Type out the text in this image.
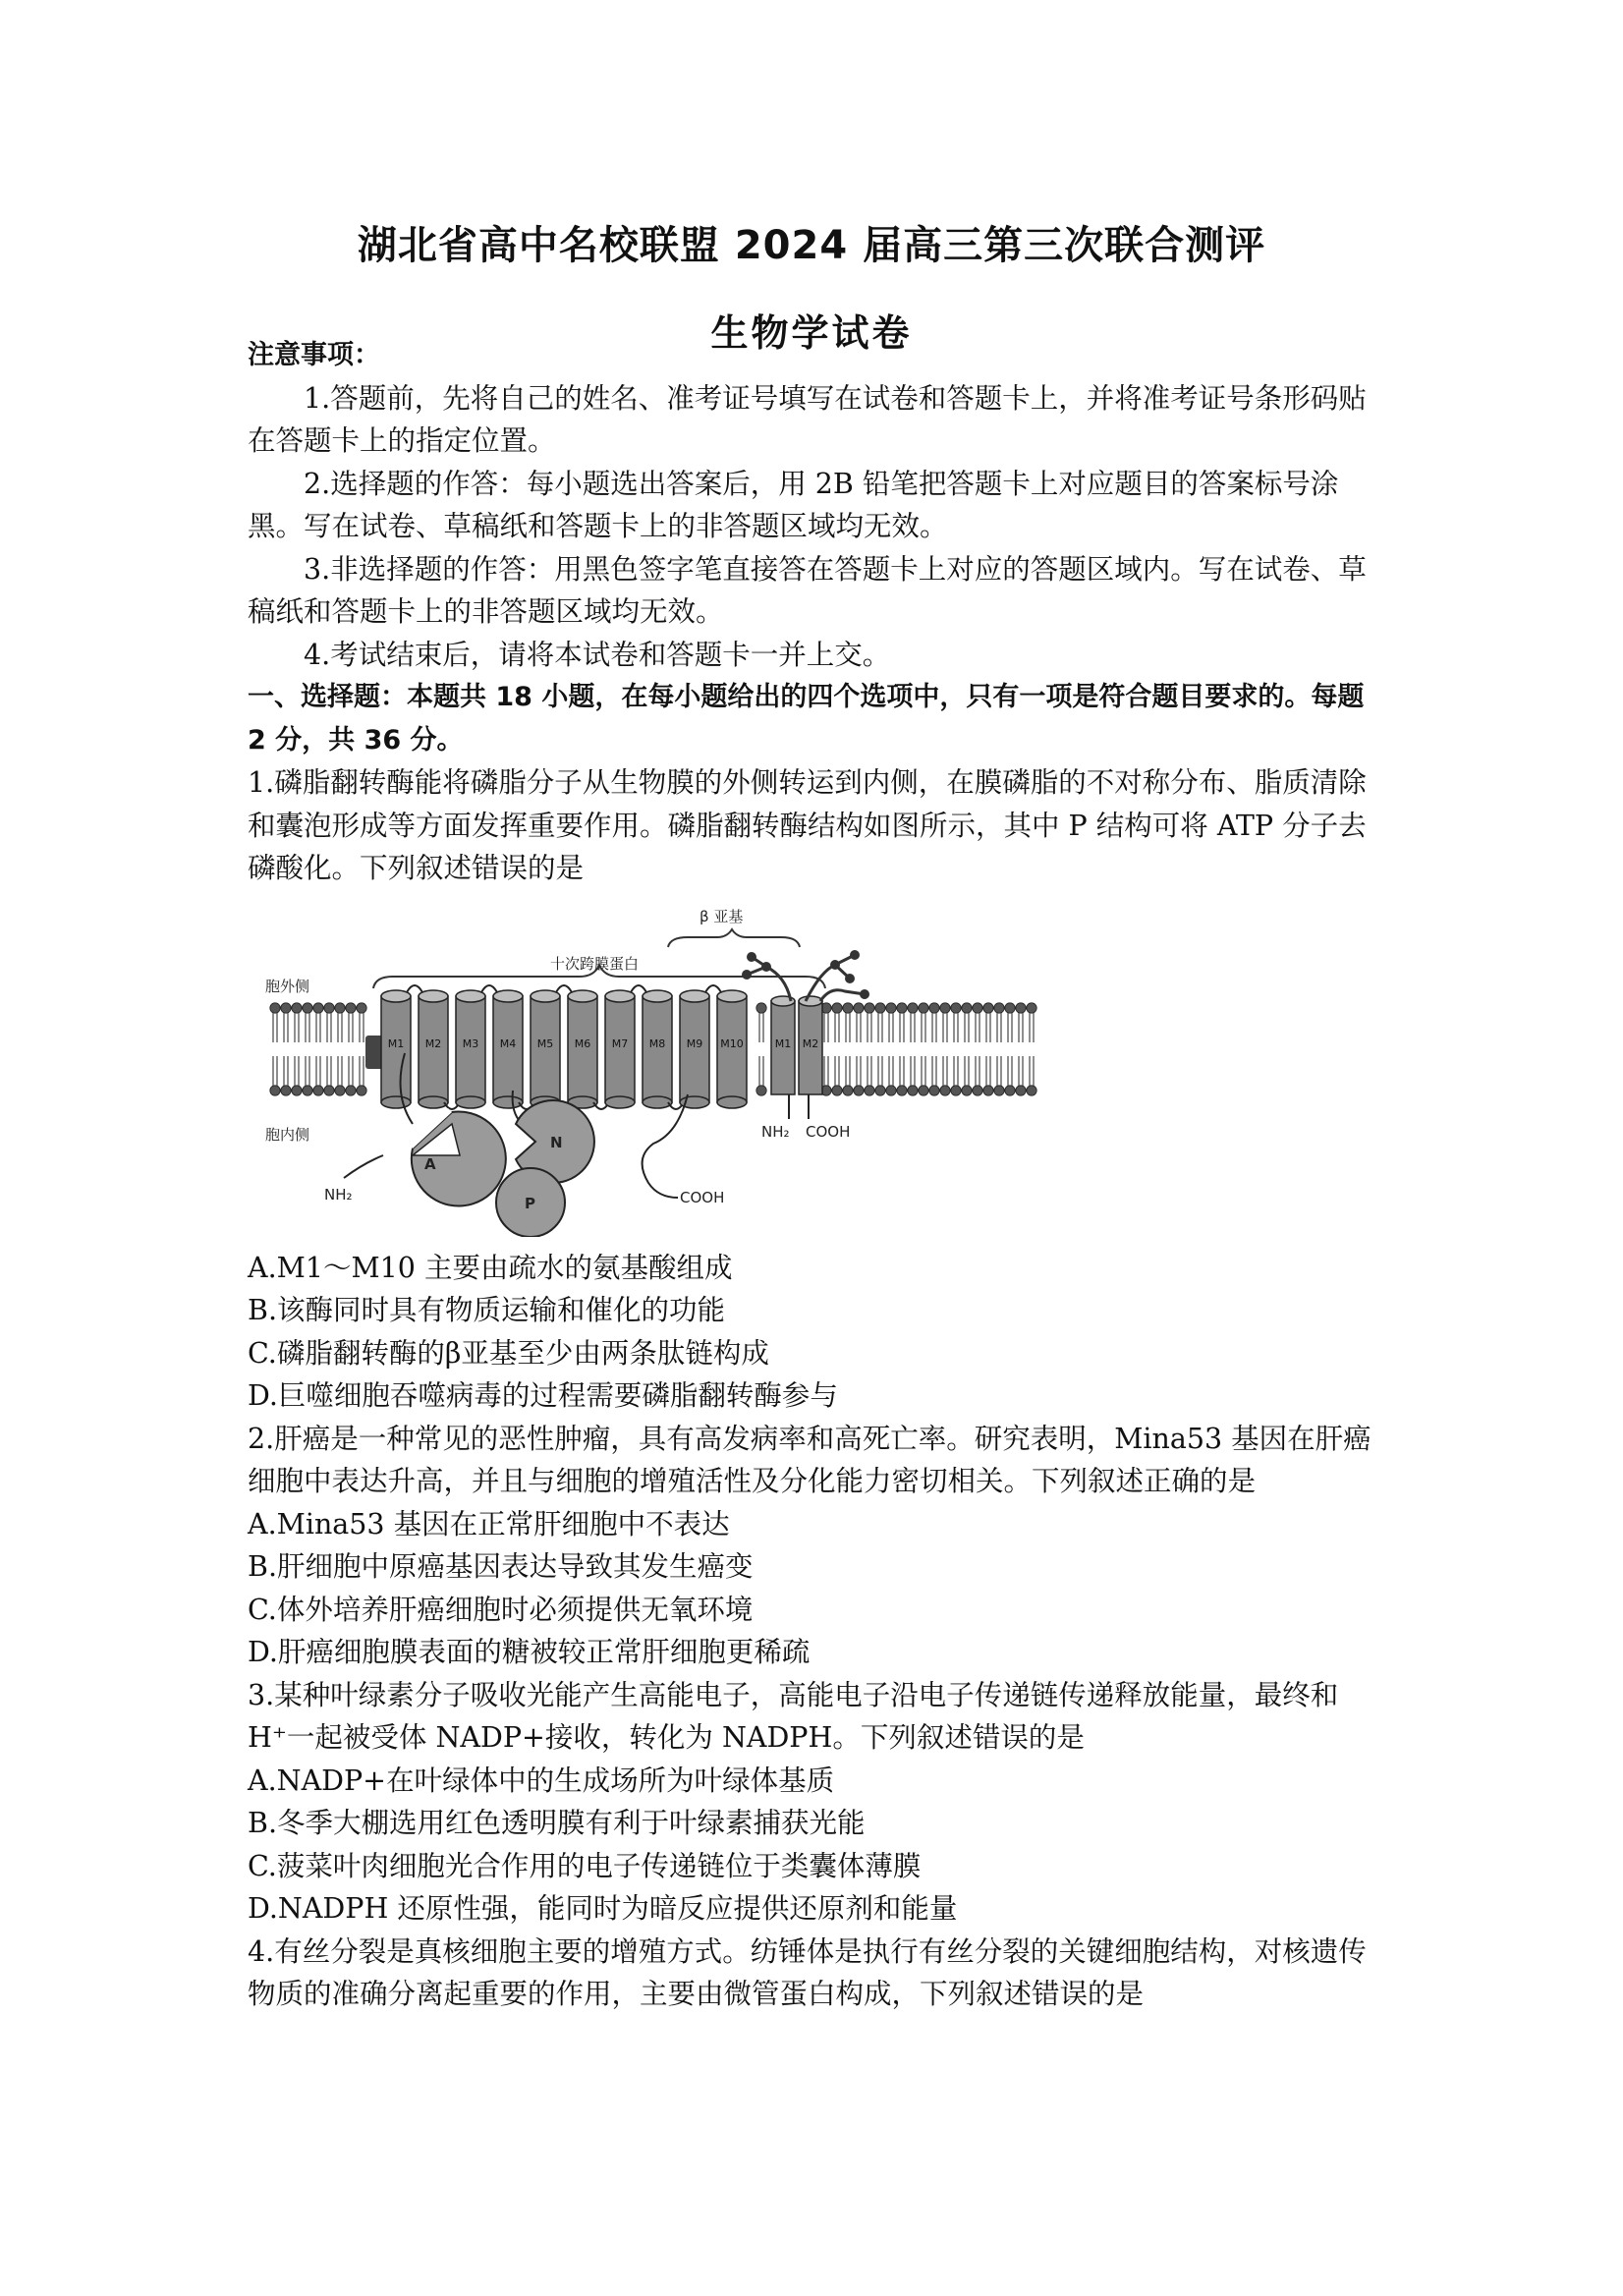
湖北省高中名校联盟 2024 届高三第三次联合测评
生物学试卷

注意事项：

1.答题前，先将自己的姓名、准考证号填写在试卷和答题卡上，并将准考证号条形码贴在答题卡上的指定位置。

2.选择题的作答：每小题选出答案后，用 2B 铅笔把答题卡上对应题目的答案标号涂黑。写在试卷、草稿纸和答题卡上的非答题区域均无效。

3.非选择题的作答：用黑色签字笔直接答在答题卡上对应的答题区域内。写在试卷、草稿纸和答题卡上的非答题区域均无效。

4.考试结束后，请将本试卷和答题卡一并上交。

一、选择题：本题共 18 小题，在每小题给出的四个选项中，只有一项是符合题目要求的。每题 2 分，共 36 分。

1.磷脂翻转酶能将磷脂分子从生物膜的外侧转运到内侧，在膜磷脂的不对称分布、脂质清除和囊泡形成等方面发挥重要作用。磷脂翻转酶结构如图所示，其中 P 结构可将 ATP 分子去磷酸化。下列叙述错误的是

M1 M2 M3 M4 M5 M6 M7 M8 M9 M10	M1 M2
十次跨膜蛋白
β 亚基
胞外侧
胞内侧
A
N
P
NH₂	COOH
NH₂ COOH

A.M1～M10 主要由疏水的氨基酸组成

B.该酶同时具有物质运输和催化的功能

C.磷脂翻转酶的β亚基至少由两条肽链构成

D.巨噬细胞吞噬病毒的过程需要磷脂翻转酶参与

2.肝癌是一种常见的恶性肿瘤，具有高发病率和高死亡率。研究表明，Mina53 基因在肝癌细胞中表达升高，并且与细胞的增殖活性及分化能力密切相关。下列叙述正确的是

A.Mina53 基因在正常肝细胞中不表达

B.肝细胞中原癌基因表达导致其发生癌变

C.体外培养肝癌细胞时必须提供无氧环境

D.肝癌细胞膜表面的糖被较正常肝细胞更稀疏

3.某种叶绿素分子吸收光能产生高能电子，高能电子沿电子传递链传递释放能量，最终和 H⁺一起被受体 NADP+接收，转化为 NADPH。下列叙述错误的是

A.NADP+在叶绿体中的生成场所为叶绿体基质

B.冬季大棚选用红色透明膜有利于叶绿素捕获光能

C.菠菜叶肉细胞光合作用的电子传递链位于类囊体薄膜

D.NADPH 还原性强，能同时为暗反应提供还原剂和能量

4.有丝分裂是真核细胞主要的增殖方式。纺锤体是执行有丝分裂的关键细胞结构，对核遗传物质的准确分离起重要的作用，主要由微管蛋白构成，下列叙述错误的是
